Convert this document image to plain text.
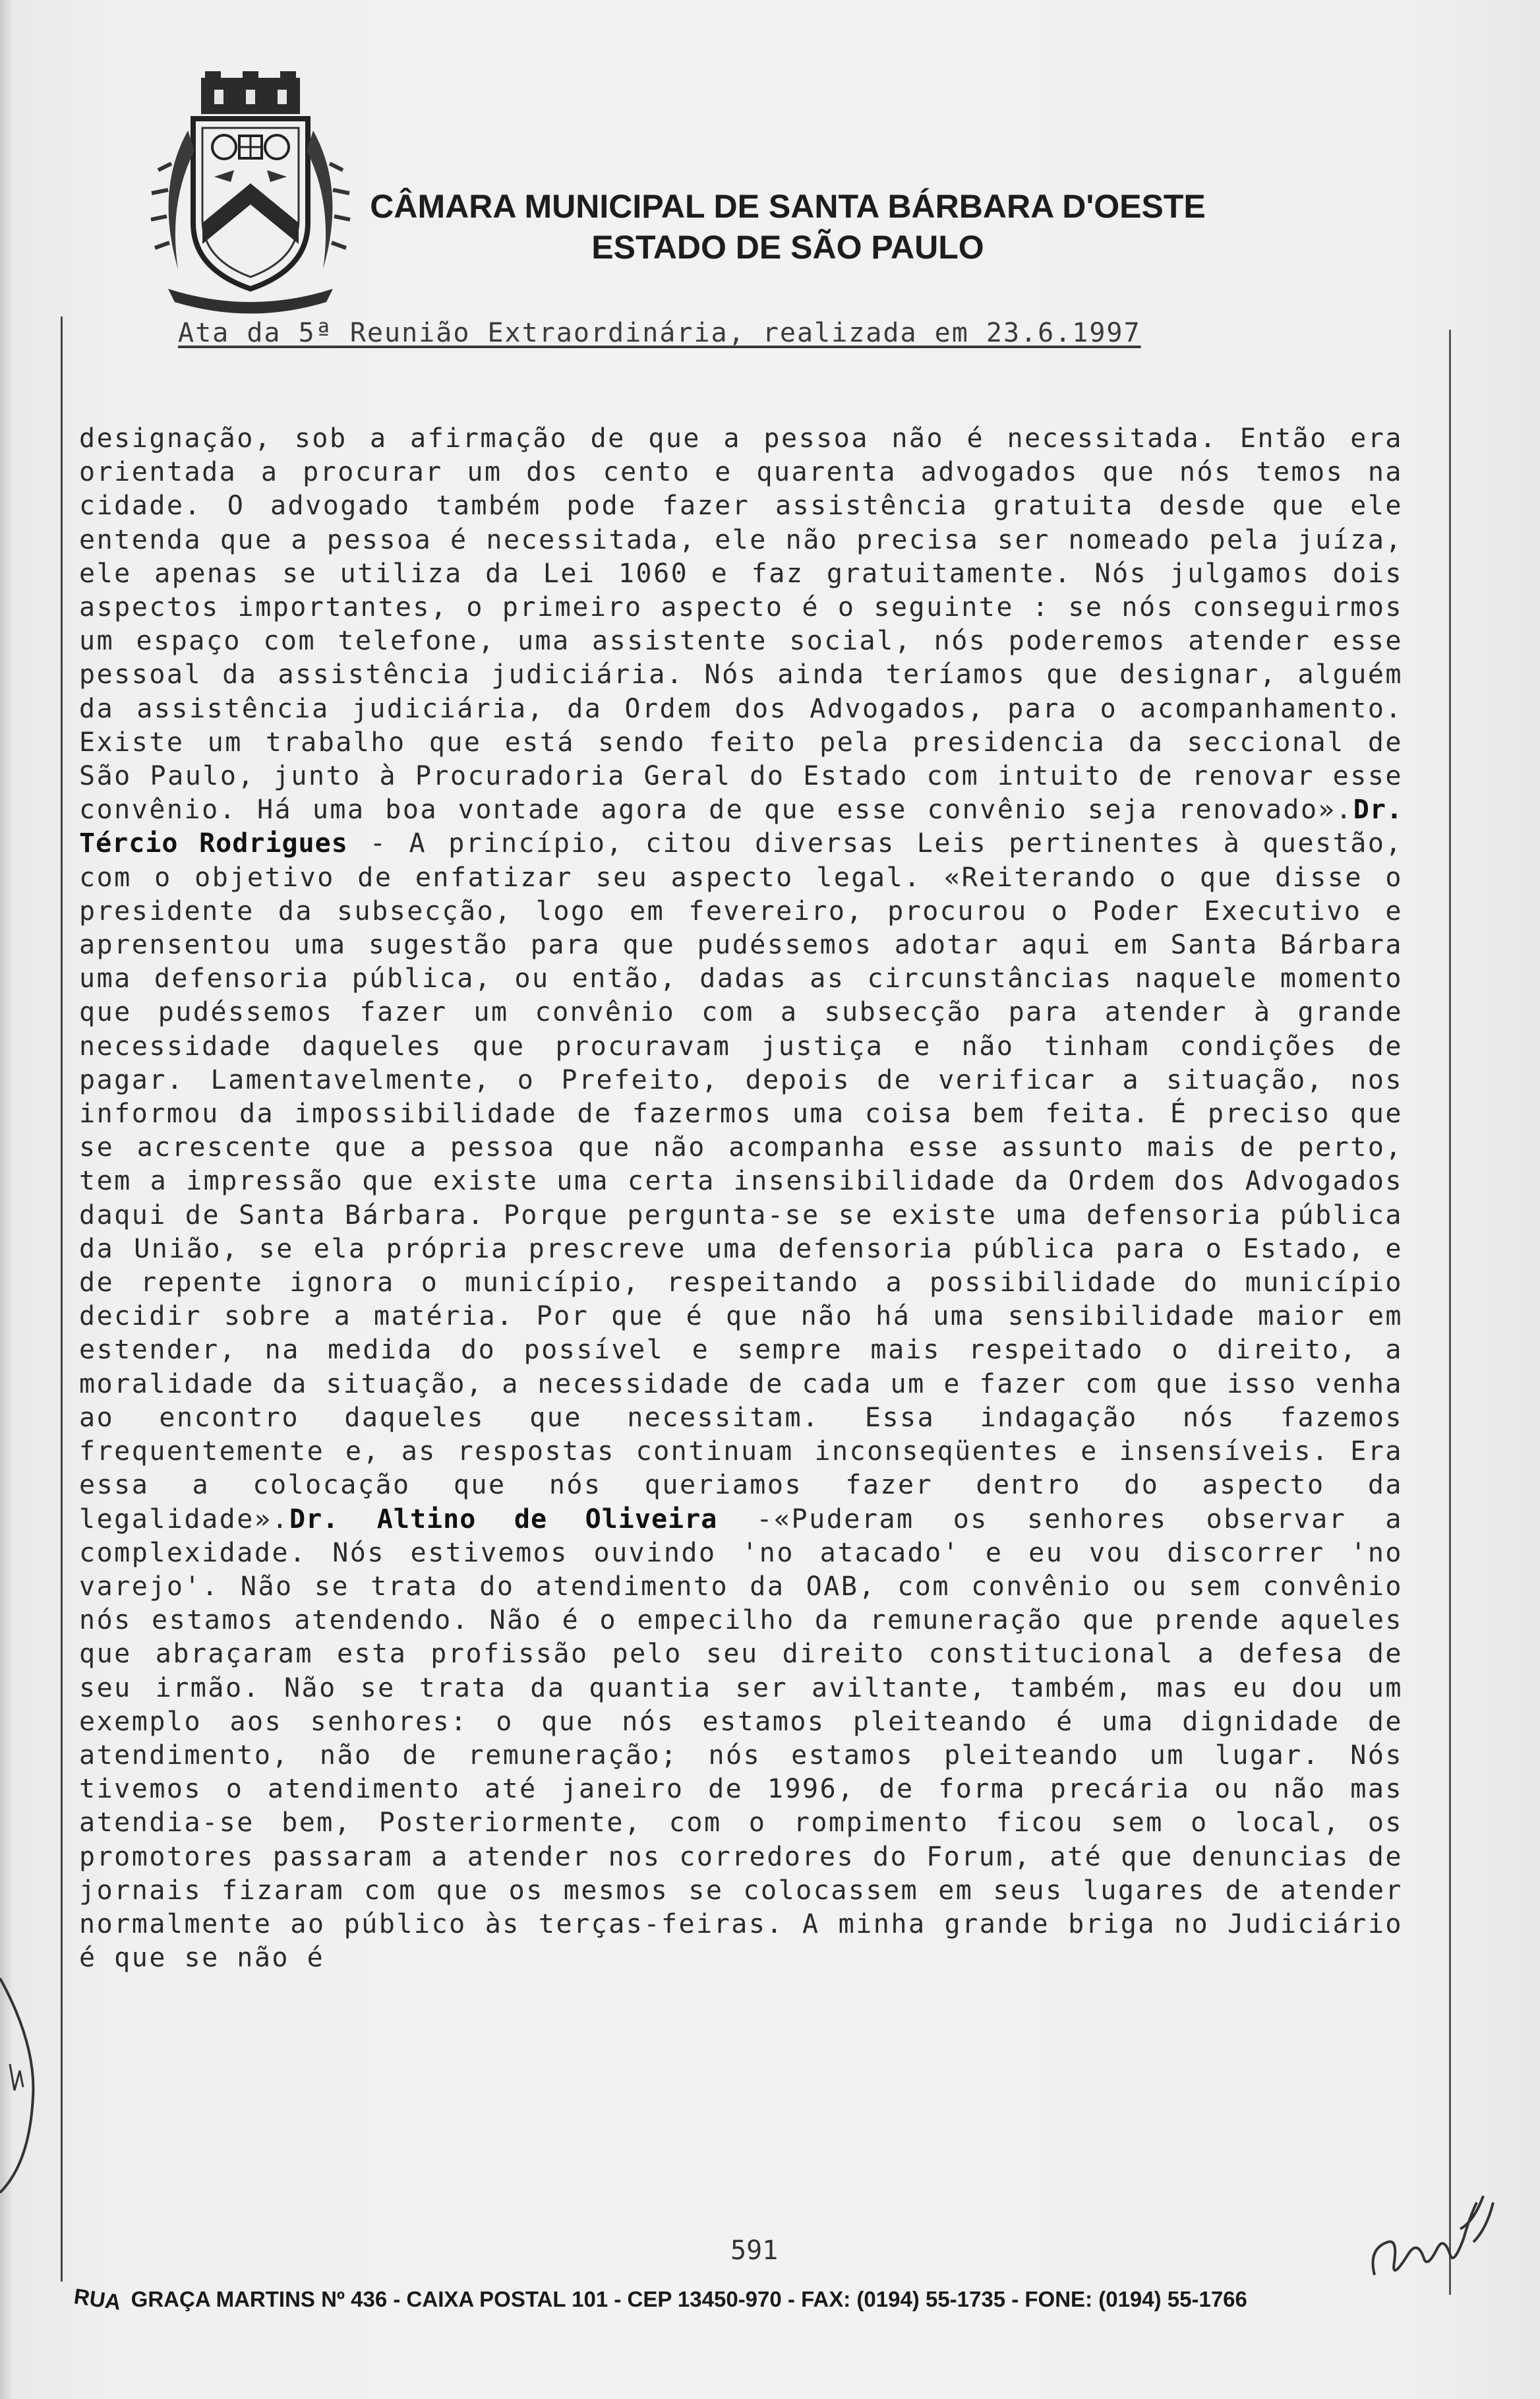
CÂMARA MUNICIPAL DE SANTA BÁRBARA D'OESTE
ESTADO DE SÃO PAULO
Ata da 5ª Reunião Extraordinária, realizada em 23.6.1997
designação, sob a afirmação de que a pessoa não é necessitada. Então era orientada a procurar um dos cento e quarenta advogados que nós temos na cidade. O advogado também pode fazer assistência gratuita desde que ele entenda que a pessoa é necessitada, ele não precisa ser nomeado pela juíza, ele apenas se utiliza da Lei 1060 e faz gratuitamente. Nós julgamos dois aspectos importantes, o primeiro aspecto é o seguinte : se nós conseguirmos um espaço com telefone, uma assistente social, nós poderemos atender esse pessoal da assistência judiciária. Nós ainda teríamos que designar, alguém da assistência judiciária, da Ordem dos Advogados, para o acompanhamento. Existe um trabalho que está sendo feito pela presidencia da seccional de São Paulo, junto à Procuradoria Geral do Estado com intuito de renovar esse convênio. Há uma boa vontade agora de que esse convênio seja renovado».Dr. Tércio Rodrigues - A princípio, citou diversas Leis pertinentes à questão, com o objetivo de enfatizar seu aspecto legal. «Reiterando o que disse o presidente da subsecção, logo em fevereiro, procurou o Poder Executivo e aprensentou uma sugestão para que pudéssemos adotar aqui em Santa Bárbara uma defensoria pública, ou então, dadas as circunstâncias naquele momento que pudéssemos fazer um convênio com a subsecção para atender à grande necessidade daqueles que procuravam justiça e não tinham condições de pagar. Lamentavelmente, o Prefeito, depois de verificar a situação, nos informou da impossibilidade de fazermos uma coisa bem feita. É preciso que se acrescente que a pessoa que não acompanha esse assunto mais de perto, tem a impressão que existe uma certa insensibilidade da Ordem dos Advogados daqui de Santa Bárbara. Porque pergunta-se se existe uma defensoria pública da União, se ela própria prescreve uma defensoria pública para o Estado, e de repente ignora o município, respeitando a possibilidade do município decidir sobre a matéria. Por que é que não há uma sensibilidade maior em estender, na medida do possível e sempre mais respeitado o direito, a moralidade da situação, a necessidade de cada um e fazer com que isso venha ao encontro daqueles que necessitam. Essa indagação nós fazemos frequentemente e, as respostas continuam inconseqüentes e insensíveis. Era essa a colocação que nós queriamos fazer dentro do aspecto da legalidade».Dr. Altino de Oliveira -«Puderam os senhores observar a complexidade. Nós estivemos ouvindo 'no atacado' e eu vou discorrer 'no varejo'. Não se trata do atendimento da OAB, com convênio ou sem convênio nós estamos atendendo. Não é o empecilho da remuneração que prende aqueles que abraçaram esta profissão pelo seu direito constitucional a defesa de seu irmão. Não se trata da quantia ser aviltante, também, mas eu dou um exemplo aos senhores: o que nós estamos pleiteando é uma dignidade de atendimento, não de remuneração; nós estamos pleiteando um lugar. Nós tivemos o atendimento até janeiro de 1996, de forma precária ou não mas atendia-se bem, Posteriormente, com o rompimento ficou sem o local, os promotores passaram a atender nos corredores do Forum, até que denuncias de jornais fizaram com que os mesmos se colocassem em seus lugares de atender normalmente ao público às terças-feiras. A minha grande briga no Judiciário é que se não é
591
RUA GRAÇA MARTINS Nº 436 - CAIXA POSTAL 101 - CEP 13450-970 - FAX: (0194) 55-1735 - FONE: (0194) 55-1766
